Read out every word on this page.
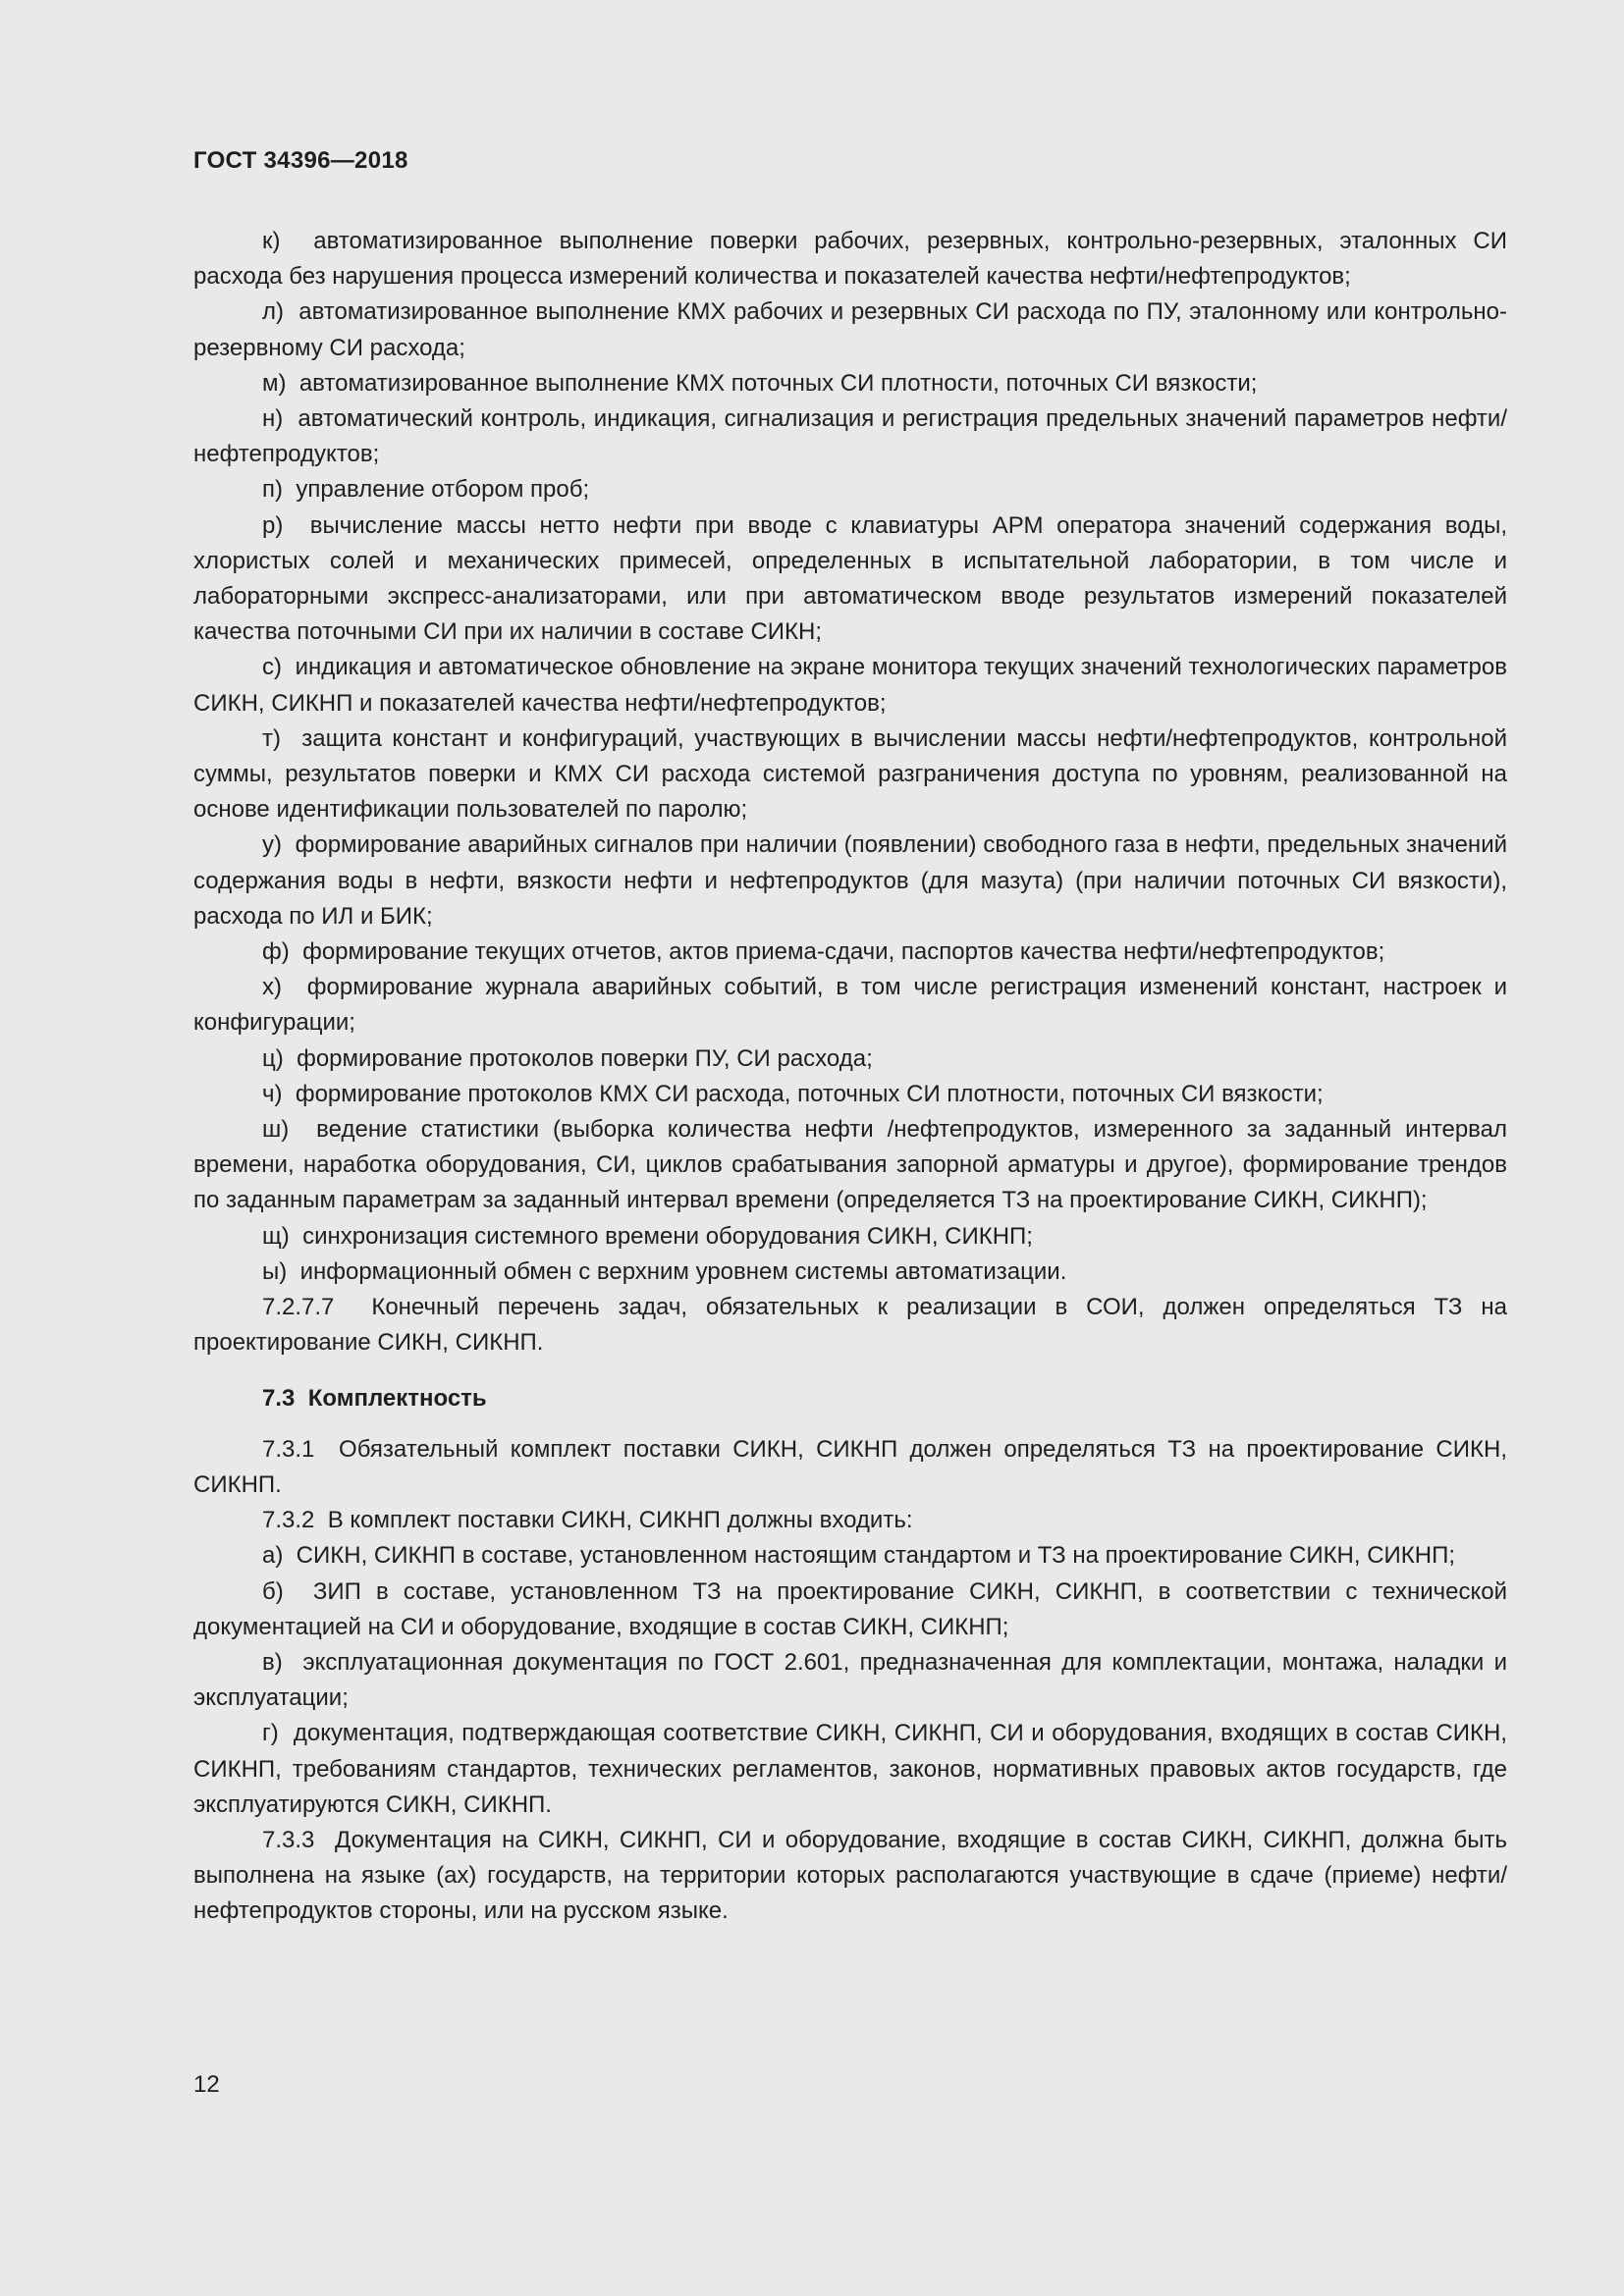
ГОСТ 34396—2018

к)  автоматизированное выполнение поверки рабочих, резервных, контрольно-резервных, эталонных СИ расхода без нарушения процесса измерений количества и показателей качества нефти/нефтепродуктов;

л)  автоматизированное выполнение КМХ рабочих и резервных СИ расхода по ПУ, эталонному или контрольно-резервному СИ расхода;

м)  автоматизированное выполнение КМХ поточных СИ плотности, поточных СИ вязкости;

н)  автоматический контроль, индикация, сигнализация и регистрация предельных значений параметров нефти/нефтепродуктов;

п)  управление отбором проб;

р)  вычисление массы нетто нефти при вводе с клавиатуры АРМ оператора значений содержания воды, хлористых солей и механических примесей, определенных в испытательной лаборатории, в том числе и лабораторными экспресс-анализаторами, или при автоматическом вводе результатов измерений показателей качества поточными СИ при их наличии в составе СИКН;

с)  индикация и автоматическое обновление на экране монитора текущих значений технологических параметров СИКН, СИКНП и показателей качества нефти/нефтепродуктов;

т)  защита констант и конфигураций, участвующих в вычислении массы нефти/нефтепродуктов, контрольной суммы, результатов поверки и КМХ СИ расхода системой разграничения доступа по уровням, реализованной на основе идентификации пользователей по паролю;

у)  формирование аварийных сигналов при наличии (появлении) свободного газа в нефти, предельных значений содержания воды в нефти, вязкости нефти и нефтепродуктов (для мазута) (при наличии поточных СИ вязкости), расхода по ИЛ и БИК;

ф)  формирование текущих отчетов, актов приема-сдачи, паспортов качества нефти/нефтепродуктов;

х)  формирование журнала аварийных событий, в том числе регистрация изменений констант, настроек и конфигурации;

ц)  формирование протоколов поверки ПУ, СИ расхода;

ч)  формирование протоколов КМХ СИ расхода, поточных СИ плотности, поточных СИ вязкости;

ш)  ведение статистики (выборка количества нефти /нефтепродуктов, измеренного за заданный интервал времени, наработка оборудования, СИ, циклов срабатывания запорной арматуры и другое), формирование трендов по заданным параметрам за заданный интервал времени (определяется ТЗ на проектирование СИКН, СИКНП);

щ)  синхронизация системного времени оборудования СИКН, СИКНП;

ы)  информационный обмен с верхним уровнем системы автоматизации.

7.2.7.7  Конечный перечень задач, обязательных к реализации в СОИ, должен определяться ТЗ на проектирование СИКН, СИКНП.

7.3  Комплектность

7.3.1  Обязательный комплект поставки СИКН, СИКНП должен определяться ТЗ на проектирование СИКН, СИКНП.

7.3.2  В комплект поставки СИКН, СИКНП должны входить:

а)  СИКН, СИКНП в составе, установленном настоящим стандартом и ТЗ на проектирование СИКН, СИКНП;

б)  ЗИП в составе, установленном ТЗ на проектирование СИКН, СИКНП, в соответствии с технической документацией на СИ и оборудование, входящие в состав СИКН, СИКНП;

в)  эксплуатационная документация по ГОСТ 2.601, предназначенная для комплектации, монтажа, наладки и эксплуатации;

г)  документация, подтверждающая соответствие СИКН, СИКНП, СИ и оборудования, входящих в состав СИКН, СИКНП, требованиям стандартов, технических регламентов, законов, нормативных правовых актов государств, где эксплуатируются СИКН, СИКНП.

7.3.3  Документация на СИКН, СИКНП, СИ и оборудование, входящие в состав СИКН, СИКНП, должна быть выполнена на языке (ах) государств, на территории которых располагаются участвующие в сдаче (приеме) нефти/нефтепродуктов стороны, или на русском языке.

12
